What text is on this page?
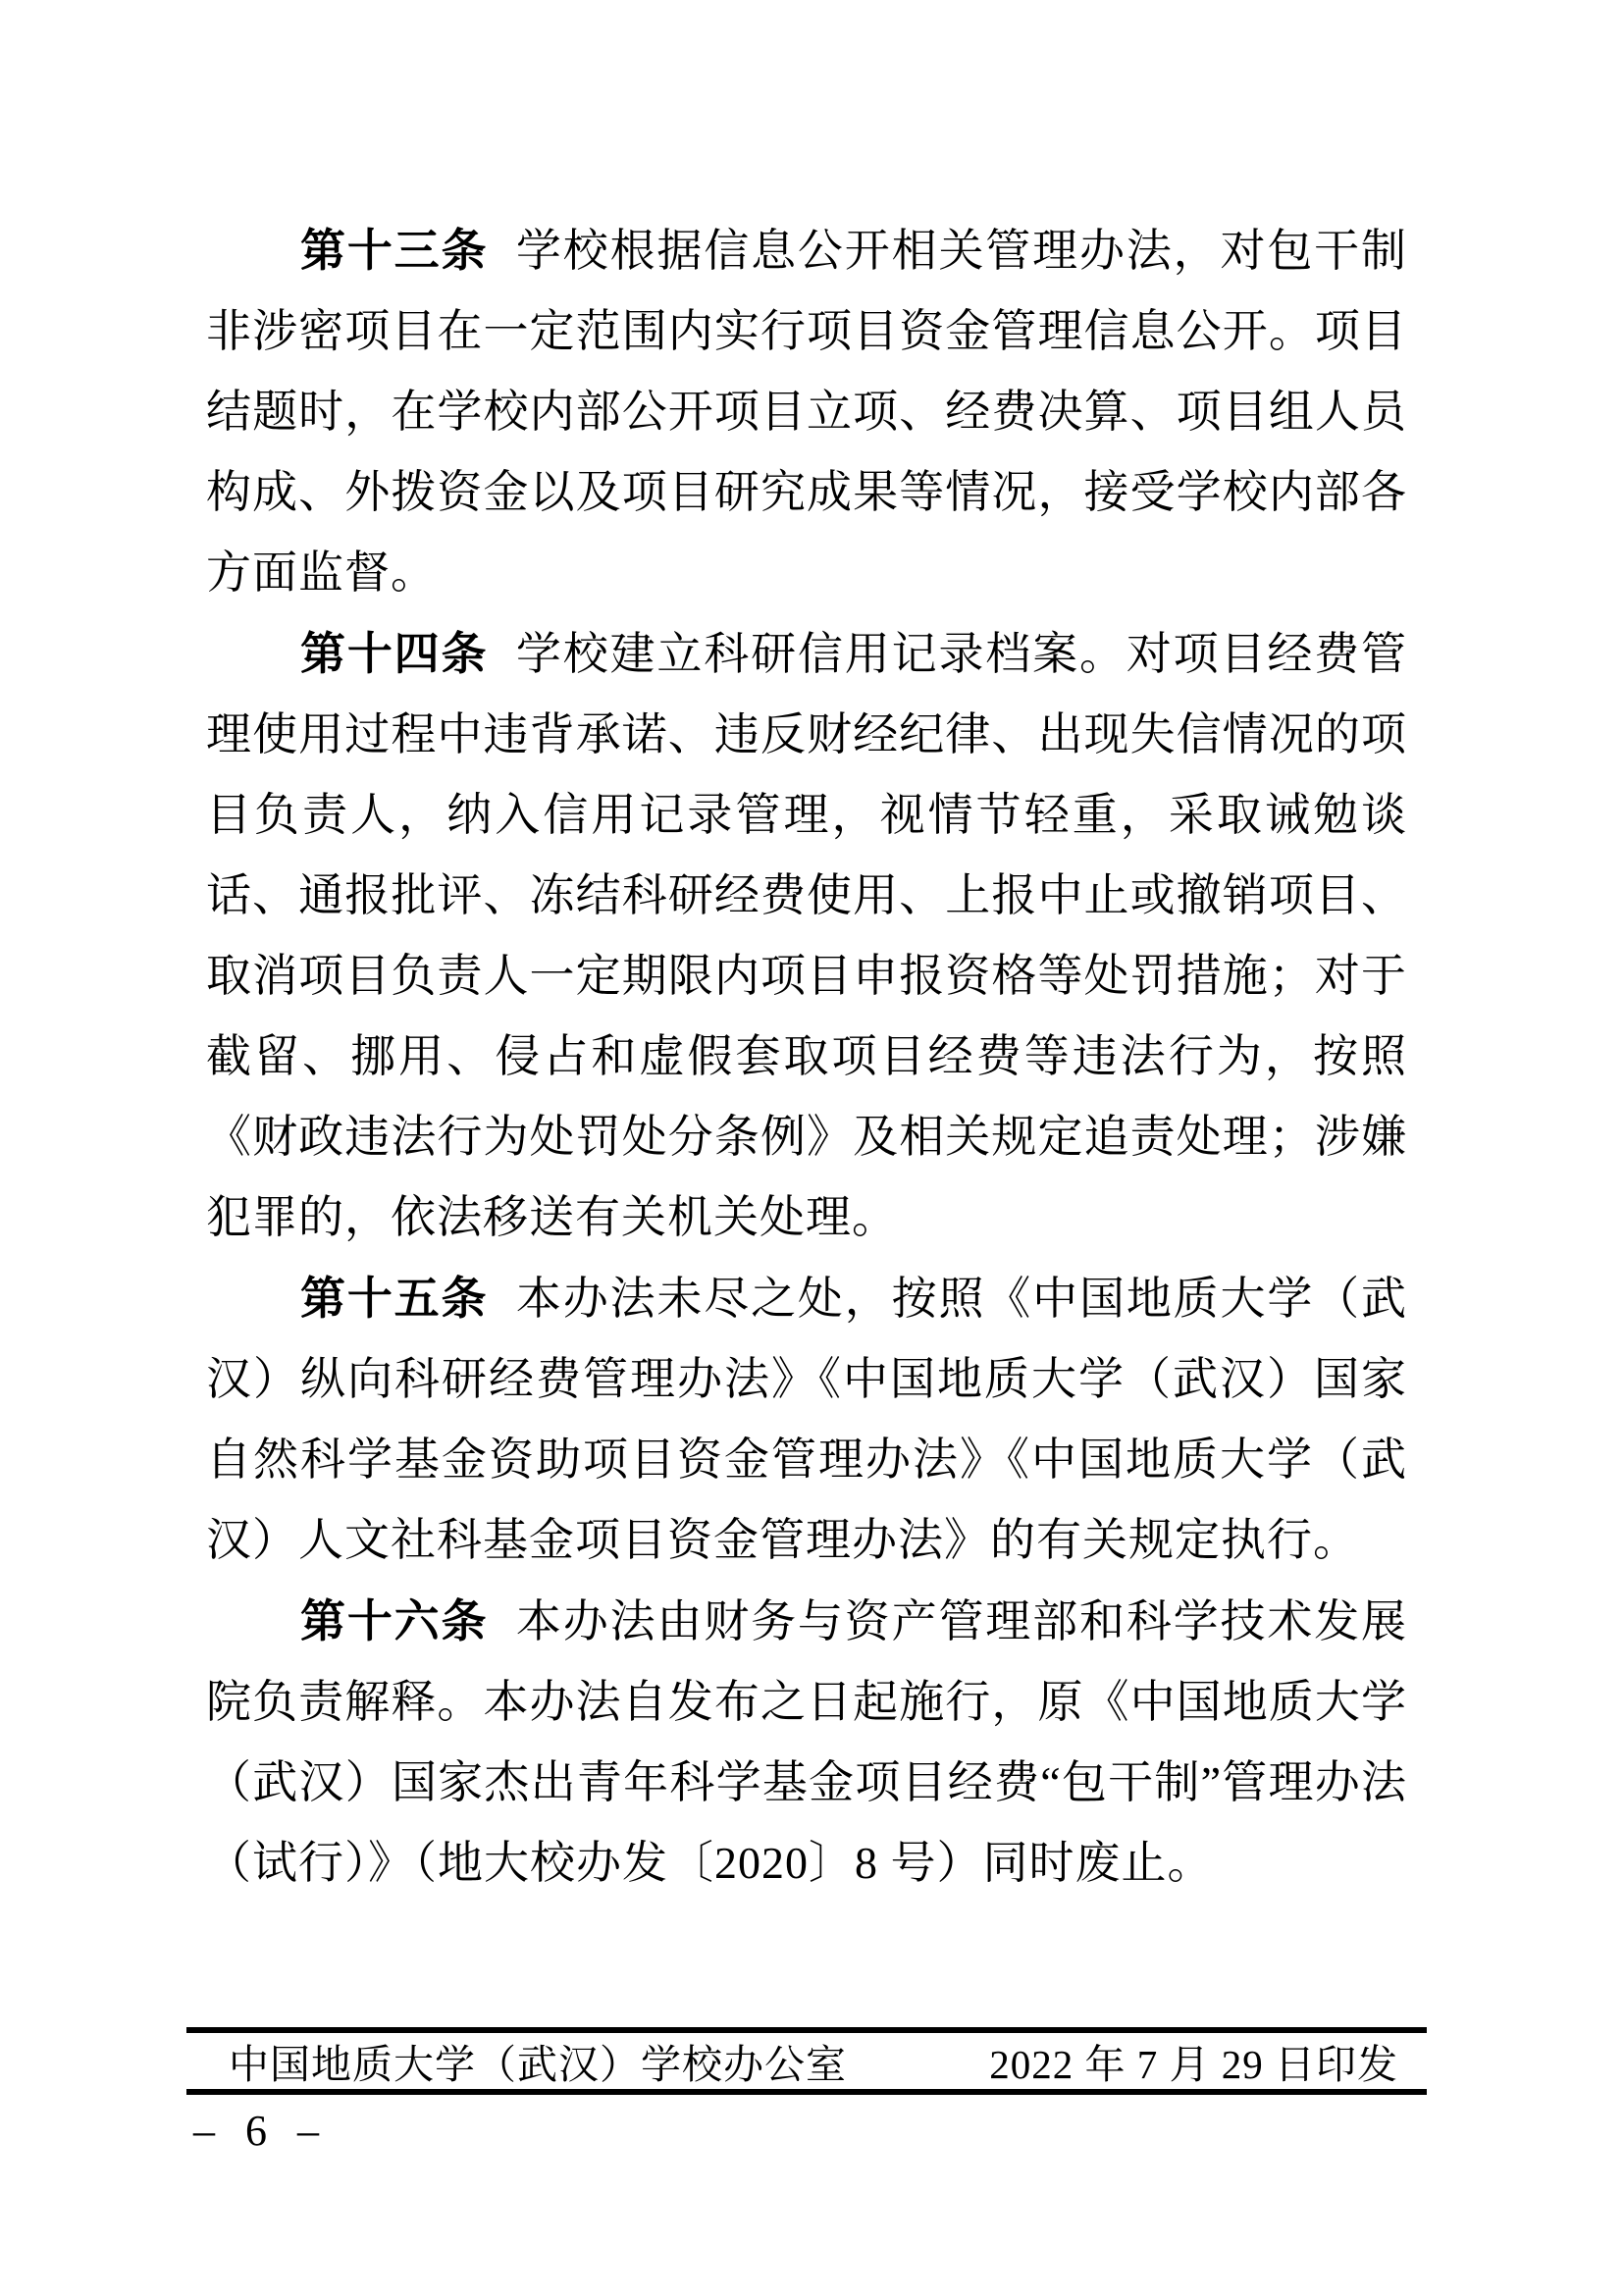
第十三条 学校根据信息公开相关管理办法，对包干制非涉密项目在一定范围内实行项目资金管理信息公开。项目结题时，在学校内部公开项目立项、经费决算、项目组人员构成、外拨资金以及项目研究成果等情况，接受学校内部各方面监督。

第十四条 学校建立科研信用记录档案。对项目经费管理使用过程中违背承诺、违反财经纪律、出现失信情况的项目负责人，纳入信用记录管理，视情节轻重，采取诫勉谈话、通报批评、冻结科研经费使用、上报中止或撤销项目、取消项目负责人一定期限内项目申报资格等处罚措施；对于截留、挪用、侵占和虚假套取项目经费等违法行为，按照《财政违法行为处罚处分条例》及相关规定追责处理；涉嫌犯罪的，依法移送有关机关处理。

第十五条 本办法未尽之处，按照《中国地质大学（武汉）纵向科研经费管理办法》《中国地质大学（武汉）国家自然科学基金资助项目资金管理办法》《中国地质大学（武汉）人文社科基金项目资金管理办法》的有关规定执行。

第十六条 本办法由财务与资产管理部和科学技术发展院负责解释。本办法自发布之日起施行，原《中国地质大学（武汉）国家杰出青年科学基金项目经费“包干制”管理办法（试行）》（地大校办发〔2020〕8 号）同时废止。

中国地质大学（武汉）学校办公室	2022 年 7 月 29 日印发
– 6 –
